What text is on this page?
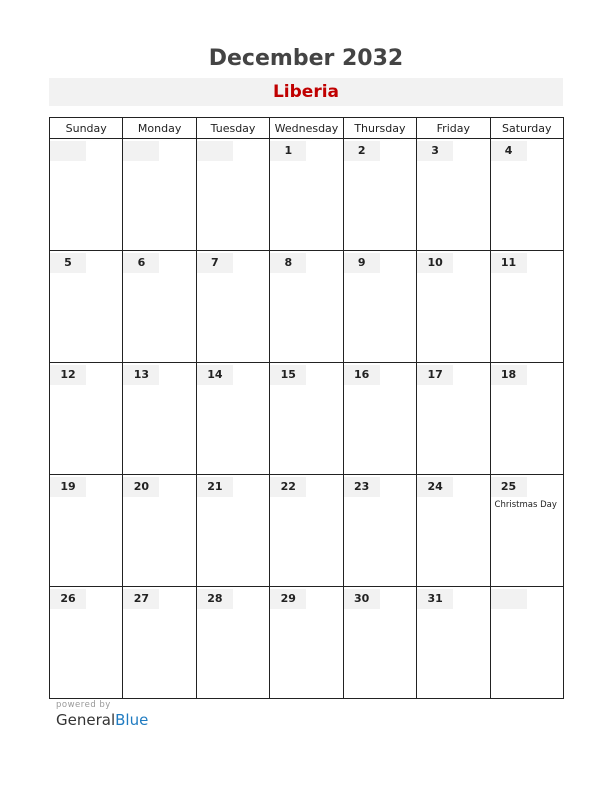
December 2032
Liberia
Sunday	Monday	Tuesday	Wednesday	Thursday	Friday	Saturday

			1	2	3	4

5	6	7	8	9	10	11

12	13	14	15	16	17	18

19	20	21	22	23	24	25
Christmas Day

26	27	28	29	30	31	

powered by
GeneralBlue
